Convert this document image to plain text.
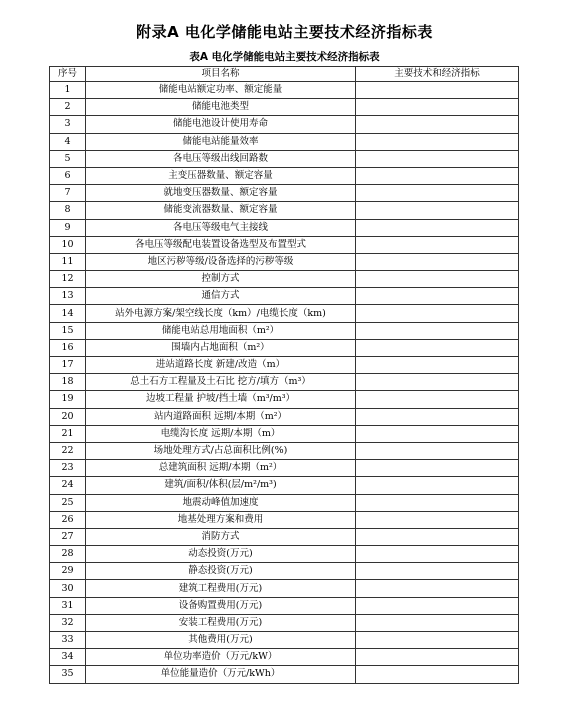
附录A 电化学储能电站主要技术经济指标表
表A 电化学储能电站主要技术经济指标表
序号	项目名称	主要技术和经济指标
1	储能电站额定功率、额定能量	
2	储能电池类型	
3	储能电池设计使用寿命	
4	储能电站能量效率	
5	各电压等级出线回路数	
6	主变压器数量、额定容量	
7	就地变压器数量、额定容量	
8	储能变流器数量、额定容量	
9	各电压等级电气主接线	
10	各电压等级配电装置设备选型及布置型式	
11	地区污秽等级/设备选择的污秽等级	
12	控制方式	
13	通信方式	
14	站外电源方案/架空线长度（km）/电缆长度（km)	
15	储能电站总用地面积（m²）	
16	围墙内占地面积（m²）	
17	进站道路长度 新建/改造（m）	
18	总土石方工程量及土石比 挖方/填方（m³）	
19	边坡工程量 护坡/挡土墙（m³/m³）	
20	站内道路面积 远期/本期（m²）	
21	电缆沟长度 远期/本期（m）	
22	场地处理方式/占总面积比例(%)	
23	总建筑面积 远期/本期（m²）	
24	建筑/面积/体积(层/m²/m³)	
25	地震动峰值加速度	
26	地基处理方案和费用	
27	消防方式	
28	动态投资(万元)	
29	静态投资(万元)	
30	建筑工程费用(万元)	
31	设备购置费用(万元)	
32	安装工程费用(万元)	
33	其他费用(万元)	
34	单位功率造价（万元/kW）	
35	单位能量造价（万元/kWh）	
